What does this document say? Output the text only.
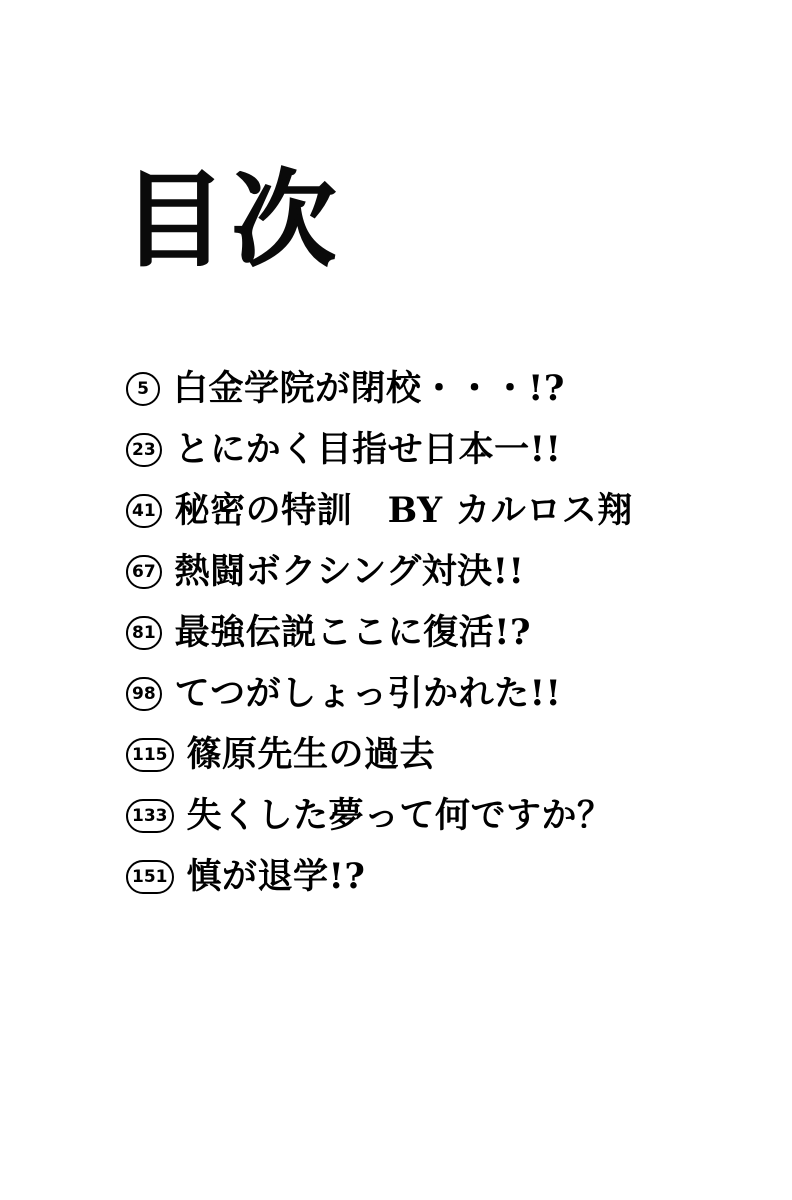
目次
5 白金学院が閉校・・・!?
23 とにかく目指せ日本一!!
41 秘密の特訓　BY カルロス翔
67 熱闘ボクシング対決!!
81 最強伝説ここに復活!?
98 てつがしょっ引かれた!!
115 篠原先生の過去
133 失くした夢って何ですか？
151 慎が退学!?
